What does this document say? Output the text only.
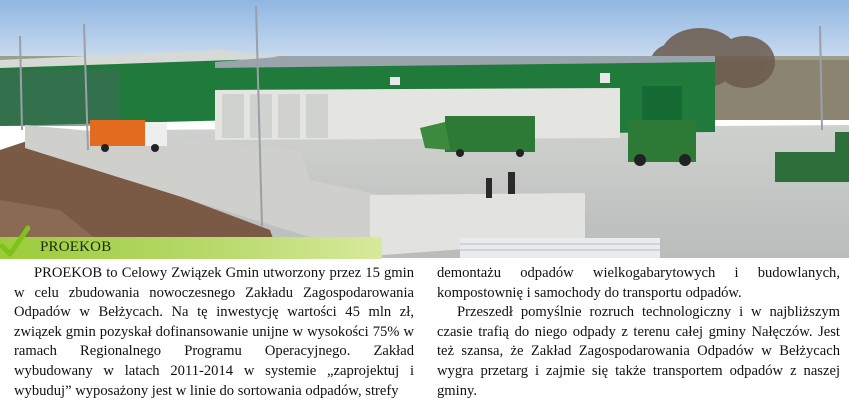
PROEKOB

PROEKOB to Celowy Związek Gmin utworzony przez 15 gmin w celu zbudowania nowoczesnego Zakładu Zagospodarowania Odpadów w Bełżycach. Na tę inwestycję wartości 45 mln zł, związek gmin pozyskał dofinansowanie unijne w wysokości 75% w ramach Regionalnego Programu Operacyjnego. Zakład wybudowany w latach 2011-2014 w systemie „zaprojektuj i wybuduj” wyposażony jest w linie do sortowania odpadów, strefy

demontażu odpadów wielkogabarytowych i budowlanych, kompostownię i samochody do transportu odpadów.

Przeszedł pomyślnie rozruch technologiczny i w najbliższym czasie trafią do niego odpady z terenu całej gminy Nałęczów. Jest też szansa, że Zakład Zagospodarowania Odpadów w Bełżycach wygra przetarg i zajmie się także transportem odpadów z naszej gminy.
